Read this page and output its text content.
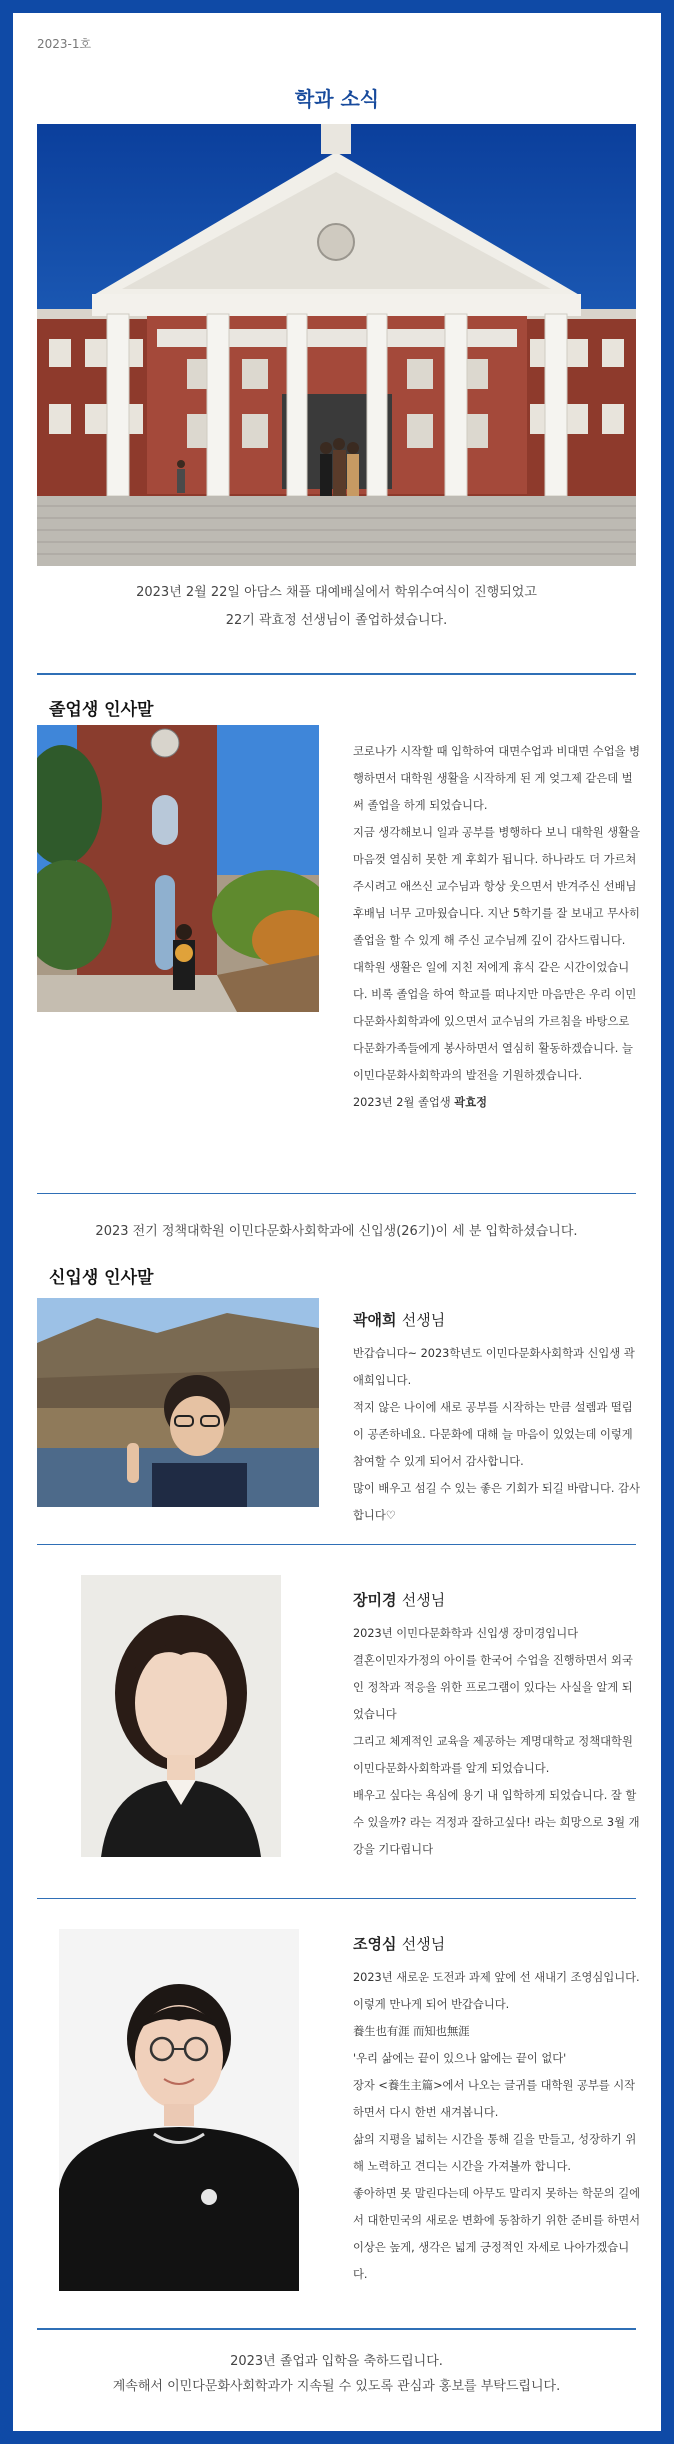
2023-1호
학과 소식
2023년 2월 22일 아담스 채플 대예배실에서 학위수여식이 진행되었고
22기 곽효정 선생님이 졸업하셨습니다.
졸업생 인사말

코로나가 시작할 때 입학하여 대면수업과 비대면 수업을 병행하면서 대학원 생활을 시작하게 된 게 엊그제 같은데 벌써 졸업을 하게 되었습니다.

지금 생각해보니 일과 공부를 병행하다 보니 대학원 생활을 마음껏 열심히 못한 게 후회가 됩니다. 하나라도 더 가르쳐 주시려고 애쓰신 교수님과 항상 웃으면서 반겨주신 선배님 후배님 너무 고마웠습니다. 지난 5학기를 잘 보내고 무사히 졸업을 할 수 있게 해 주신 교수님께 깊이 감사드립니다.

대학원 생활은 일에 지친 저에게 휴식 같은 시간이었습니다. 비록 졸업을 하여 학교를 떠나지만 마음만은 우리 이민다문화사회학과에 있으면서 교수님의 가르침을 바탕으로 다문화가족들에게 봉사하면서 열심히 활동하겠습니다. 늘 이민다문화사회학과의 발전을 기원하겠습니다.

2023년 2월 졸업생 곽효정

2023 전기 정책대학원 이민다문화사회학과에 신입생(26기)이 세 분 입학하셨습니다.
신입생 인사말

곽애희 선생님

반갑습니다~ 2023학년도 이민다문화사회학과 신입생 곽애희입니다.

적지 않은 나이에 새로 공부를 시작하는 만큼 설렘과 떨림이 공존하네요. 다문화에 대해 늘 마음이 있었는데 이렇게 참여할 수 있게 되어서 감사합니다.

많이 배우고 섬길 수 있는 좋은 기회가 되길 바랍니다. 감사합니다♡

장미경 선생님

2023년 이민다문화학과 신입생 장미경입니다

결혼이민자가정의 아이를 한국어 수업을 진행하면서 외국인 정착과 적응을 위한 프로그램이 있다는 사실을 알게 되었습니다

그리고 체계적인 교육을 제공하는 계명대학교 정책대학원 이민다문화사회학과를 알게 되었습니다.

배우고 싶다는 욕심에 용기 내 입학하게 되었습니다. 잘 할 수 있을까? 라는 걱정과 잘하고싶다! 라는 희망으로 3월 개강을 기다립니다

조영심 선생님

2023년 새로운 도전과 과제 앞에 선 새내기 조영심입니다.

이렇게 만나게 되어 반갑습니다.

養生也有涯 而知也無涯

'우리 삶에는 끝이 있으나 앎에는 끝이 없다'

장자 <養生主篇>에서 나오는 글귀를 대학원 공부를 시작하면서 다시 한번 새겨봅니다.

삶의 지평을 넓히는 시간을 통해 길을 만들고, 성장하기 위해 노력하고 견디는 시간을 가져볼까 합니다.

좋아하면 못 말린다는데 아무도 말리지 못하는 학문의 길에서 대한민국의 새로운 변화에 동참하기 위한 준비를 하면서 이상은 높게, 생각은 넓게 긍정적인 자세로 나아가겠습니다.

2023년 졸업과 입학을 축하드립니다.
계속해서 이민다문화사회학과가 지속될 수 있도록 관심과 홍보를 부탁드립니다.
